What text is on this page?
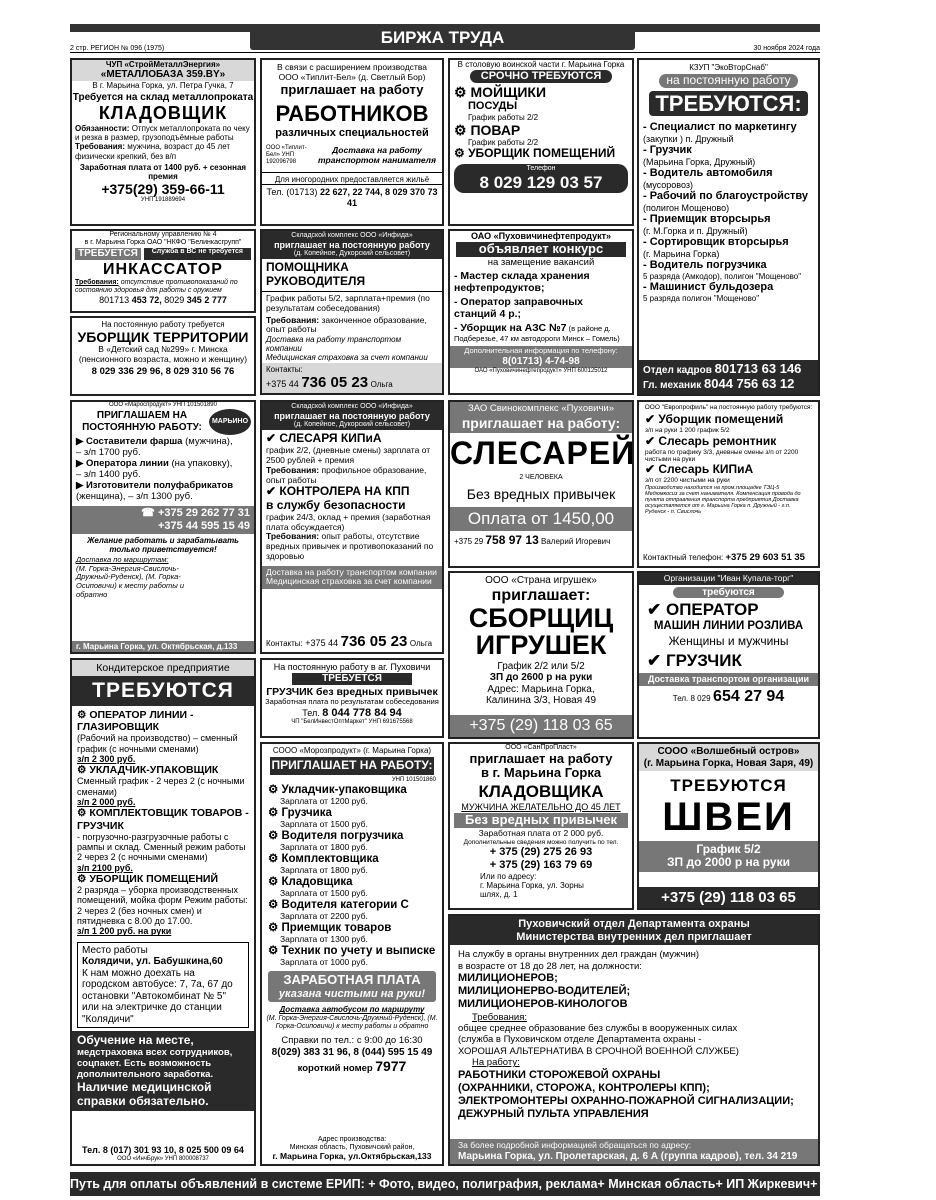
БИРЖА ТРУДА
2 стр. РЕГИОН № 096 (1975)	30 ноября 2024 года
ЧУП «СтройМеталлЭнергия»
«МЕТАЛЛОБАЗА 359.BY»
В г. Марьина Горка, ул. Петра Гучка, 7
Требуется на склад металлопроката
КЛАДОВЩИК
Обязанности: Отпуск металлопроката по чеку и резка в размер, грузоподъёмные работы
Требования: мужчина, возраст до 45 лет физически крепкий, без в/п
Заработная плата от 1400 руб. + сезонная премия
+375(29) 359-66-11
УНП 191889694
В связи с расширением производства
ООО «Типлит-Бел» (д. Светлый Бор)
приглашает на работу
РАБОТНИКОВ
различных специальностей
ООО «Типлит-Бел» УНП 192096798
Доставка на работу транспортом нанимателя
Для иногородних предоставляется жильё
Тел. (01713) 22 627, 22 744, 8 029 370 73 41
В столовую воинской части г. Марьина Горка
СРОЧНО ТРЕБУЮТСЯ
⚙ МОЙЩИКИ
ПОСУДЫ
График работы 2/2
⚙ ПОВАР
График работы 2/2
⚙ УБОРЩИК ПОМЕЩЕНИЙ
Телефон
8 029 129 03 57
КЗУП "ЭкоВторСнаб"
на постоянную работу
ТРЕБУЮТСЯ:
- Специалист по маркетингу
(закупки ) п. Дружный
- Грузчик
(Марьина Горка, Дружный)
- Водитель автомобиля
(мусоровоз)
- Рабочий по благоустройству
(полигон Мощеново)
- Приемщик вторсырья
(г. М.Горка и п. Дружный)
- Сортировщик вторсырья
(г. Марьина Горка)
- Водитель погрузчика
5 разряда (Амкодор), полигон "Мощеново"
- Машинист бульдозера
5 разряда полигон "Мощеново"
Отдел кадров 801713 63 146
Гл. механик 8044 756 63 12
Региональному управлению № 4
в г. Марьина Горка ОАО "НКФО "Белинкасгрупп"
ТРЕБУЕТСЯ	Служба в ВС не требуется
ИНКАССАТОР
Требования: отсутствие противопоказаний по состоянию здоровья для работы с оружием
801713 453 72, 8029 345 2 777
Складской комплекс ООО «Инфида»
приглашает на постоянную работу
(д. Копейное, Дукорский сельсовет)
ПОМОЩНИКА РУКОВОДИТЕЛЯ
График работы 5/2, зарплата+премия (по результатам собеседования)
Требования: законченное образование, опыт работы
Доставка на работу транспортом компании
Медицинская страховка за счет компании
Контакты:
+375 44 736 05 23 Ольга
ОАО «Пуховичинефтепродукт»
объявляет конкурс
на замещение вакансий
- Мастер склада хранения нефтепродуктов;
- Оператор заправочных станций 4 р.;
- Уборщик на АЗС №7 (в районе д. Подберезье, 47 км автодороги Минск – Гомель)
Дополнительная информация по телефону:
8(01713) 4-74-98
ОАО «Пуховичинефтепродукт» УНП 600125012
На постоянную работу требуется
УБОРЩИК ТЕРРИТОРИИ
В «Детский сад №299» г. Минска (пенсионного возраста, можно и женщину)
8 029 336 29 96, 8 029 310 56 76
ООО «Мароспродукт» УНП 101501890
ПРИГЛАШАЕМ НА ПОСТОЯННУЮ РАБОТУ:
МАРЬИНО
▶ Составители фарша (мужчина),
– з/п 1700 руб.
▶ Операторa линии (на упаковку),
– з/п 1400 руб.
▶ Изготовители полуфабрикатов
(женщина), – з/п 1300 руб.
☎ +375 29 262 77 31
+375 44 595 15 49
Желание работать и зарабатывать только приветствуется!
Доставка по маршрутам:
(М. Горка-Энергия-Свислочь-Дружный-Руденск), (М. Горка-Осиповичи) к месту работы и обратно
г. Марьина Горка, ул. Октябрьская, д.133
Складской комплекс ООО «Инфида»
приглашает на постоянную работу
(д. Копейное, Дукорский сельсовет)
✔ СЛЕСАРЯ КИПиА
график 2/2, (дневные смены) зарплата от 2500 рублей + премия
Требования: профильное образование, опыт работы
✔ КОНТРОЛЕРА НА КПП
в службу безопасности
график 24/3, оклад + премия (заработная плата обсуждается)
Требования: опыт работы, отсутствие вредных привычек и противопоказаний по здоровью
Доставка на работу транспортом компании Медицинская страховка за счет компании
Контакты: +375 44 736 05 23 Ольга
ЗАО Свинокомплекс «Пуховичи»
приглашает на работу:
СЛЕСАРЕЙ
2 ЧЕЛОВЕКА
Без вредных привычек
Оплата от 1450,00
+375 29 758 97 13 Валерий Игоревич
ООО "Европрофиль" на постоянную работу требуются:
✔ Уборщик помещений
з/п на руки 1 200 график 5/2
✔ Слесарь ремонтник
работа по графику 3/3, дневные смены з/п от 2200 чистыми на руки
✔ Слесарь КИПиА
з/п от 2200 чистыми на руки
Производство находится на пром.площадке ТЭЦ-5 Медюмкосиз за счет нанимателя. Компенсация провода до пункта отправления транспорта предприятия Доставка осуществляется от г. Марьина Горка п. Дружный - г.п. Руденск - п. Свислочь
Контактный телефон: +375 29 603 51 35
ООО «Страна игрушек»
приглашает:
СБОРЩИЦ
ИГРУШЕК
График 2/2 или 5/2
ЗП до 2600 р на руки
Адрес: Марьина Горка, Калинина 3/3, Новая 49
+375 (29) 118 03 65
Организации "Иван Купала-торг"
требуются
✔ ОПЕРАТОР
МАШИН ЛИНИИ РОЗЛИВА
Женщины и мужчины
✔ ГРУЗЧИК
Доставка транспортом организации
Тел. 8 029 654 27 94
Кондитерское предприятие
ТРЕБУЮТСЯ
⚙ ОПЕРАТОР ЛИНИИ - ГЛАЗИРОВЩИК
(Рабочий на производство) – сменный график (с ночными сменами)
з/п 2 300 руб.
⚙ УКЛАДЧИК-УПАКОВЩИК
Сменный график - 2 через 2 (с ночными сменами)
з/п 2 000 руб.
⚙ КОМПЛЕКТОВЩИК ТОВАРОВ - ГРУЗЧИК
- погрузочно-разгрузочные работы с рампы и склад. Сменный режим работы 2 через 2 (с ночными сменами)
з/п 2100 руб.
⚙ УБОРЩИК ПОМЕЩЕНИЙ
2 разряда – уборка производственных помещений, мойка форм Режим работы: 2 через 2 (без ночных смен) и пятидневка с 8.00 до 17.00.
з/п 1 200 руб. на руки
Место работы
Колядичи, ул. Бабушкина,60
К нам можно доехать на городском автобусе: 7, 7а, 67 до остановки "Автокомбинат № 5" или на электричке до станции "Колядичи"
Обучение на месте,
медстраховка всех сотрудников, соцпакет. Есть возможность дополнительного заработка.
Наличие медицинской справки обязательно.
Тел. 8 (017) 301 93 10, 8 025 500 09 64
ООО «ИнчБрук» УНП 800008737
На постоянную работу в аг. Пуховичи
ТРЕБУЕТСЯ
ГРУЗЧИК без вредных привычек
Заработная плата по результатам собеседования
Тел. 8 044 778 84 94
ЧП "БелИнвестОптМаркет" УНП 691675568
СООО «Морозпродукт» (г. Марьина Горка)
ПРИГЛАШАЕТ НА РАБОТУ:
УНП 101501860
⚙ Укладчик-упаковщика
Зарплата от 1200 руб.
⚙ Грузчика
Зарплата от 1500 руб.
⚙ Водителя погрузчика
Зарплата от 1800 руб.
⚙ Комплектовщика
Зарплата от 1800 руб.
⚙ Кладовщика
Зарплата от 1500 руб.
⚙ Водителя категории С
Зарплата от 2200 руб.
⚙ Приемщик товаров
Зарплата от 1300 руб.
⚙ Техник по учету и выписке
Зарплата от 1000 руб.
ЗАРАБОТНАЯ ПЛАТА
указана чистыми на руки!
Доставка автобусом по маршруту
(М. Горка-Энергия-Свислочь-Дружный-Руденск), (М. Горка-Осиповичи) к месту работы и обратно
Справки по тел.: с 9:00 до 16:30
8(029) 383 31 96, 8 (044) 595 15 49
короткий номер 7977
Адрес производства:
Минская область, Пуховичский район,
г. Марьина Горка, ул.Октябрьская,133
ООО «СанПроПласт»
приглашает на работу
в г. Марьина Горка
КЛАДОВЩИКА
МУЖЧИНА ЖЕЛАТЕЛЬНО ДО 45 ЛЕТ
Без вредных привычек
Заработная плата от 2 000 руб.
Дополнительные сведения можно получить по тел.
+ 375 (29) 275 26 93
+ 375 (29) 163 79 69
Или по адресу:
г. Марьина Горка, ул. Зорны шлях, д. 1
СООО «Волшебный остров»
(г. Марьина Горка, Новая Заря, 49)
ТРЕБУЮТСЯ
ШВЕИ
График 5/2
ЗП до 2000 р на руки
+375 (29) 118 03 65
Пуховичский отдел Департамента охраны
Министерства внутренних дел приглашает
На службу в органы внутренних дел граждан (мужчин)
в возрасте от 18 до 28 лет, на должности:
МИЛИЦИОНЕРОВ;
МИЛИЦИОНЕРВО-ВОДИТЕЛЕЙ;
МИЛИЦИОНЕРОВ-КИНОЛОГОВ
Требования:
общее среднее образование без службы в вооруженных силах
(служба в Пуховичском отделе Департамента охраны -
ХОРОШАЯ АЛЬТЕРНАТИВА В СРОЧНОЙ ВОЕННОЙ СЛУЖБЕ)
На работу:
РАБОТНИКИ СТОРОЖЕВОЙ ОХРАНЫ
(ОХРАННИКИ, СТОРОЖА, КОНТРОЛЕРЫ КПП);
ЭЛЕКТРОМОНТЕРЫ ОХРАННО-ПОЖАРНОЙ СИГНАЛИЗАЦИИ;
ДЕЖУРНЫЙ ПУЛЬТА УПРАВЛЕНИЯ
За более подробной информацией обращаться по адресу:
Марьина Горка, ул. Пролетарская, д. 6 А (группа кадров), тел. 34 219
Путь для оплаты объявлений в системе ЕРИП: + Фото, видео, полиграфия, реклама+ Минская область+ ИП Жиркевич+ Рекламные услуги
